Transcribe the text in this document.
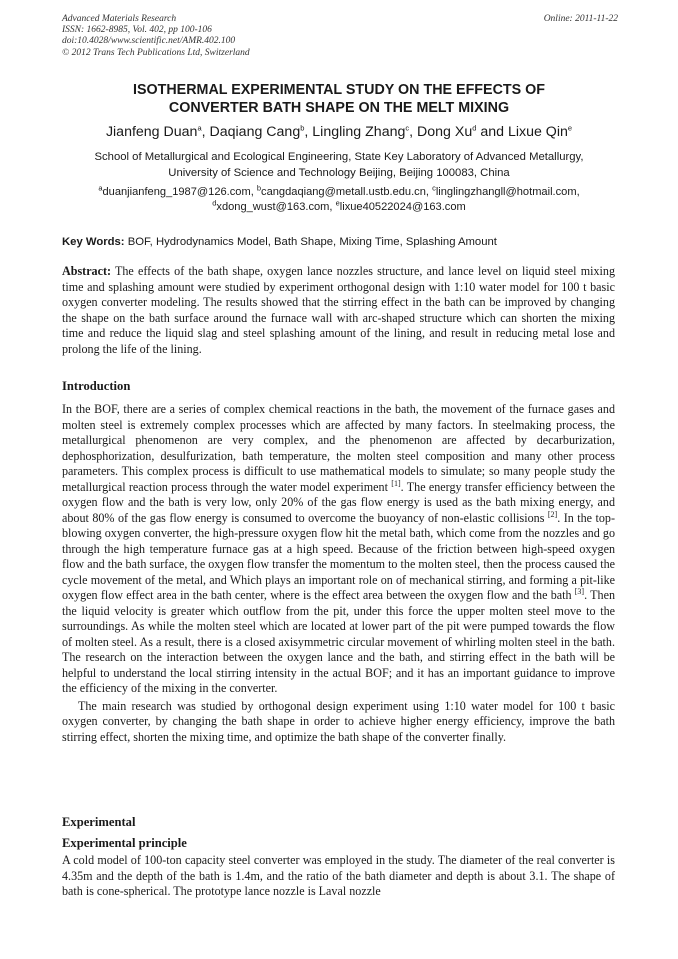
Advanced Materials Research
ISSN: 1662-8985, Vol. 402, pp 100-106
doi:10.4028/www.scientific.net/AMR.402.100
© 2012 Trans Tech Publications Ltd, Switzerland
Online: 2011-11-22
ISOTHERMAL EXPERIMENTAL STUDY ON THE EFFECTS OF
CONVERTER BATH SHAPE ON THE MELT MIXING
Jianfeng Duan$^a$, Daqiang Cang$^b$, Lingling Zhang$^c$, Dong Xu$^d$ and Lixue Qin$^e$
School of Metallurgical and Ecological Engineering, State Key Laboratory of Advanced Metallurgy,
University of Science and Technology Beijing, Beijing 100083, China
$^a$duanjianfeng_1987@126.com, $^b$cangdaqiang@metall.ustb.edu.cn, $^c$linglingzhangll@hotmail.com,
$^d$xdong_wust@163.com, $^e$lixue40522024@163.com
Key Words: BOF, Hydrodynamics Model, Bath Shape, Mixing Time, Splashing Amount

Abstract: The effects of the bath shape, oxygen lance nozzles structure, and lance level on liquid steel mixing time and splashing amount were studied by experiment orthogonal design with 1:10 water model for 100 t basic oxygen converter modeling. The results showed that the stirring effect in the bath can be improved by changing the shape on the bath surface around the furnace wall with arc-shaped structure which can shorten the mixing time and reduce the liquid slag and steel splashing amount of the lining, and result in reducing metal lose and prolong the life of the lining.

Introduction

In the BOF, there are a series of complex chemical reactions in the bath, the movement of the furnace gases and molten steel is extremely complex processes which are affected by many factors. In steelmaking process, the metallurgical phenomenon are very complex, and the phenomenon are affected by decarburization, dephosphorization, desulfurization, bath temperature, the molten steel composition and many other process parameters. This complex process is difficult to use mathematical models to simulate; so many people study the metallurgical reaction process through the water model experiment [1]. The energy transfer efficiency between the oxygen flow and the bath is very low, only 20% of the gas flow energy is used as the bath mixing energy, and about 80% of the gas flow energy is consumed to overcome the buoyancy of non-elastic collisions [2]. In the top-blowing oxygen converter, the high-pressure oxygen flow hit the metal bath, which come from the nozzles and go through the high temperature furnace gas at a high speed. Because of the friction between high-speed oxygen flow and the bath surface, the oxygen flow transfer the momentum to the molten steel, then the process caused the cycle movement of the metal, and Which plays an important role on of mechanical stirring, and forming a pit-like oxygen flow effect area in the bath center, where is the effect area between the oxygen flow and the bath [3]. Then the liquid velocity is greater which outflow from the pit, under this force the upper molten steel move to the surroundings. As while the molten steel which are located at lower part of the pit were pumped towards the flow of molten steel. As a result, there is a closed axisymmetric circular movement of whirling molten steel in the bath. The research on the interaction between the oxygen lance and the bath, and stirring effect in the bath will be helpful to understand the local stirring intensity in the actual BOF; and it has an important guidance to improve the efficiency of the mixing in the converter.

The main research was studied by orthogonal design experiment using 1:10 water model for 100 t basic oxygen converter, by changing the bath shape in order to achieve higher energy efficiency, improve the bath stirring effect, shorten the mixing time, and optimize the bath shape of the converter finally.

Experimental
Experimental principle
A cold model of 100-ton capacity steel converter was employed in the study. The diameter of the real converter is 4.35m and the depth of the bath is 1.4m, and the ratio of the bath diameter and depth is about 3.1. The shape of bath is cone-spherical. The prototype lance nozzle is Laval nozzle
